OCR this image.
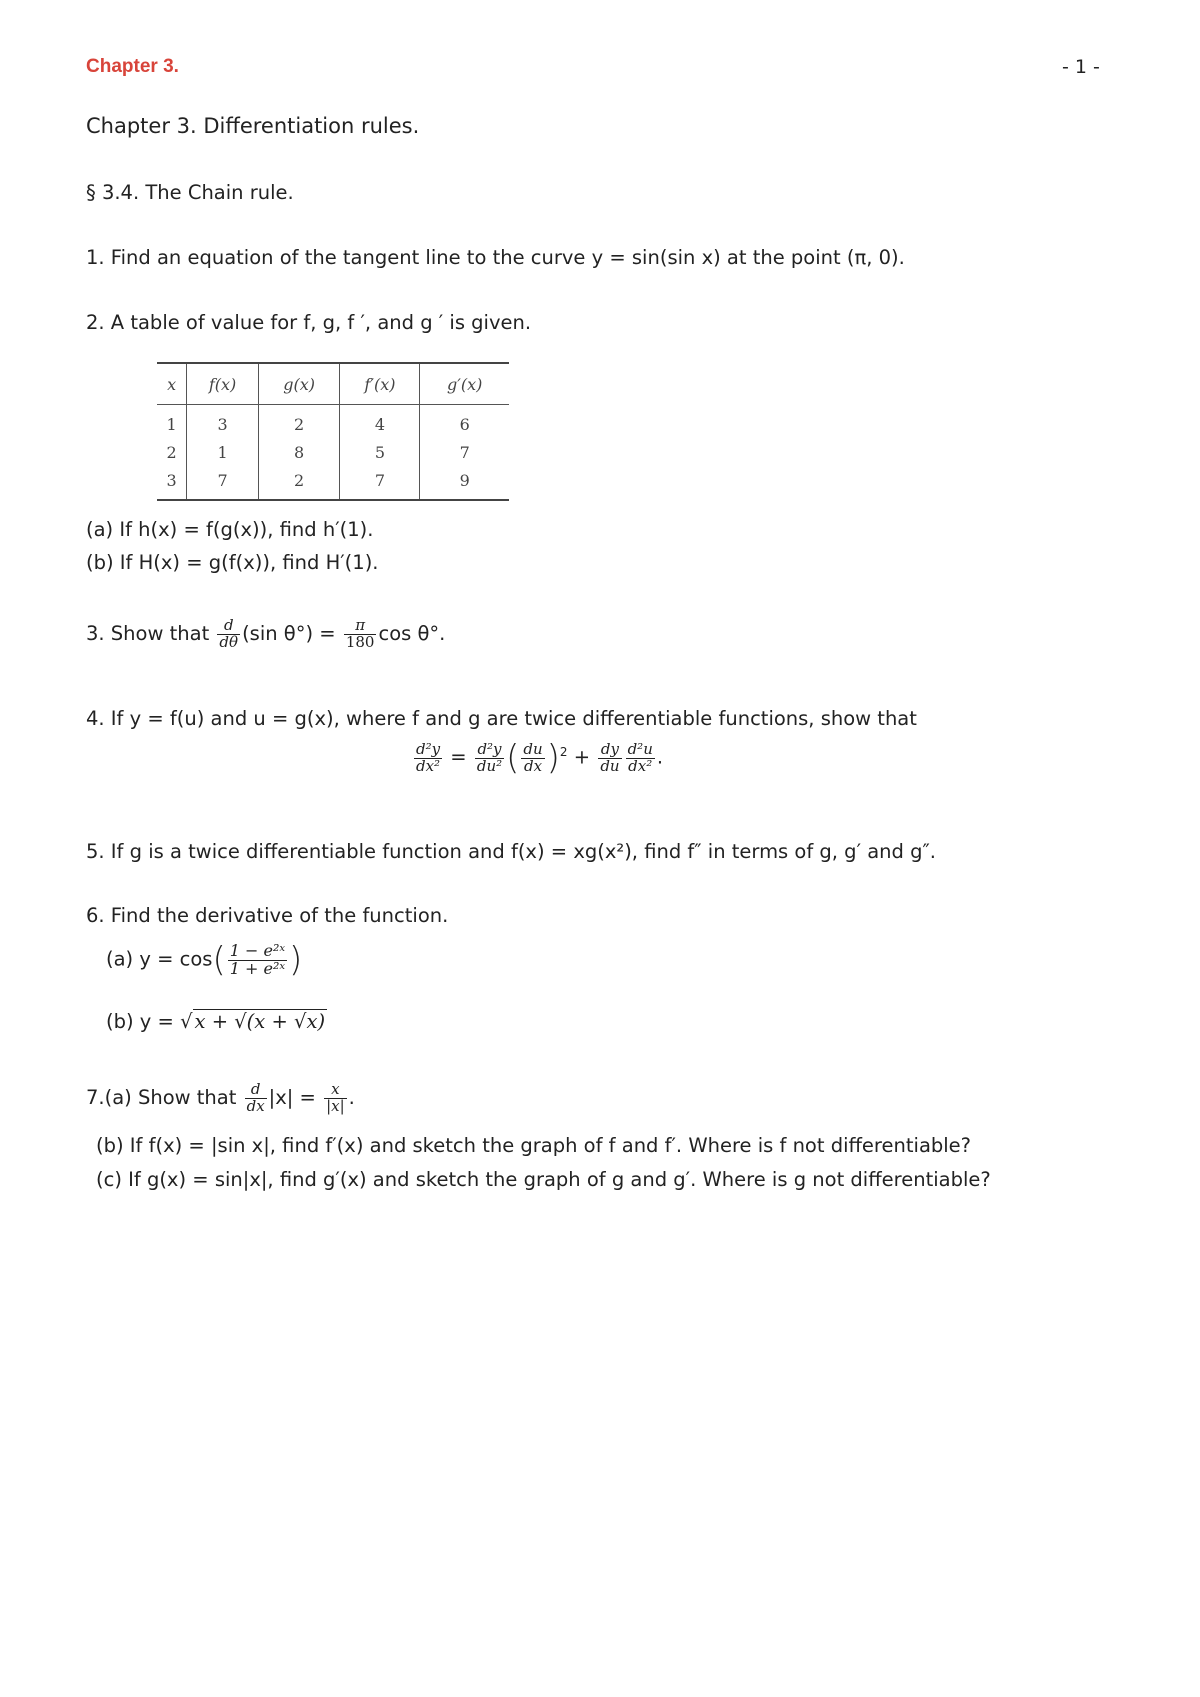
Chapter 3.	- 1 -
Chapter 3. Differentiation rules.
§ 3.4. The Chain rule.
1. Find an equation of the tangent line to the curve y = sin(sin x) at the point (π, 0).
2. A table of value for f, g, f ′, and g ′ is given.
x	f(x)	g(x)	f′(x)	g′(x)
1	3	2	4	6
2	1	8	5	7
3	7	2	7	9
(a) If h(x) = f(g(x)), find h′(1).
(b) If H(x) = g(f(x)), find H′(1).
3. Show that $\frac{d}{d\theta} (\sin$ $\theta^\circ) = \frac{\pi}{180}$ cos θ°.
4. If y = f(u) and u = g(x), where f and g are twice differentiable functions, show that
$\frac{\text{d²y}}{\text{dx²}} = \frac{\text{d²y}}{\text{du²}}$ ( $\frac{du}{dx} )^2 + \frac{dy}{du} \frac{\text{d²u}}{\text{dx²}}$ .
5. If g is a twice differentiable function and f(x) = xg(x²), find f″ in terms of g, g′ and g″.
6. Find the derivative of the function.
(a) $y = \cos( \frac{\text{1 − e²ˣ}}{\text{1 + e²ˣ}}$ )
(b) y = √ x + √(x + √x)
7.(a) Show that $\frac{d}{dx} |x| = \frac{x}{|x|}$ .
(b) If f(x) = |sin x|, find f′(x) and sketch the graph of f and f′. Where is f not differentiable?
(c) If g(x) = sin|x|, find g′(x) and sketch the graph of g and g′. Where is g not differentiable?
